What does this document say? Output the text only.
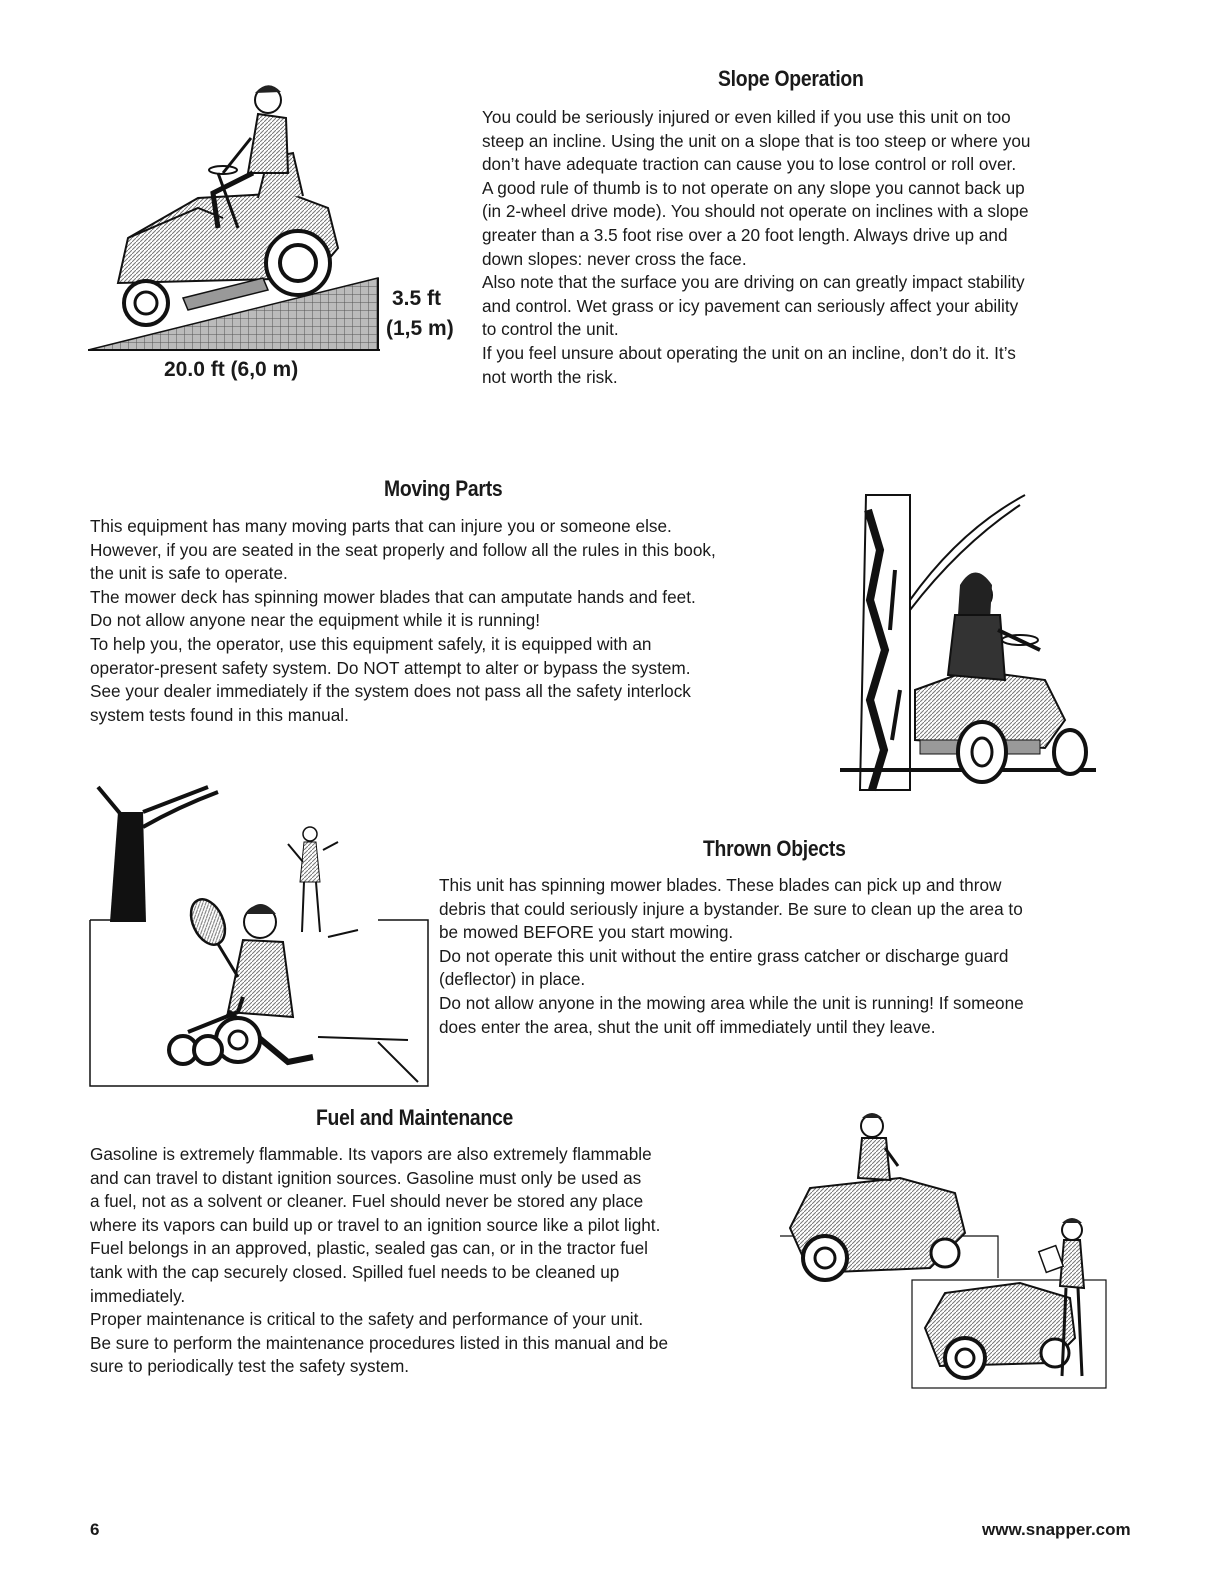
Slope Operation
You could be seriously injured or even killed if you use this unit on too
steep an incline. Using the unit on a slope that is too steep or where you
don’t have adequate traction can cause you to lose control or roll over.
A good rule of thumb is to not operate on any slope you cannot back up
(in 2-wheel drive mode). You should not operate on inclines with a slope
greater than a 3.5 foot rise over a 20 foot length. Always drive up and
down slopes: never cross the face.
Also note that the surface you are driving on can greatly impact stability
and control. Wet grass or icy pavement can seriously affect your ability
to control the unit.
If you feel unsure about operating the unit on an incline, don’t do it. It’s
not worth the risk.
3.5 ft
(1,5 m)
20.0 ft (6,0 m)
Moving Parts
This equipment has many moving parts that can injure you or someone else.
However, if you are seated in the seat properly and follow all the rules in this book,
the unit is safe to operate.
The mower deck has spinning mower blades that can amputate hands and feet.
Do not allow anyone near the equipment while it is running!
To help you, the operator, use this equipment safely, it is equipped with an
operator-present safety system. Do NOT attempt to alter or bypass the system.
See your dealer immediately if the system does not pass all the safety interlock
system tests found in this manual.
Thrown Objects
This unit has spinning mower blades. These blades can pick up and throw
debris that could seriously injure a bystander. Be sure to clean up the area to
be mowed BEFORE you start mowing.
Do not operate this unit without the entire grass catcher or discharge guard
(deflector) in place.
Do not allow anyone in the mowing area while the unit is running! If someone
does enter the area, shut the unit off immediately until they leave.
Fuel and Maintenance
Gasoline is extremely flammable. Its vapors are also extremely flammable
and can travel to distant ignition sources. Gasoline must only be used as
a fuel, not as a solvent or cleaner. Fuel should never be stored any place
where its vapors can build up or travel to an ignition source like a pilot light.
Fuel belongs in an approved, plastic, sealed gas can, or in the tractor fuel
tank with the cap securely closed. Spilled fuel needs to be cleaned up
immediately.
Proper maintenance is critical to the safety and performance of your unit.
Be sure to perform the maintenance procedures listed in this manual and be
sure to periodically test the safety system.
6	www.snapper.com
